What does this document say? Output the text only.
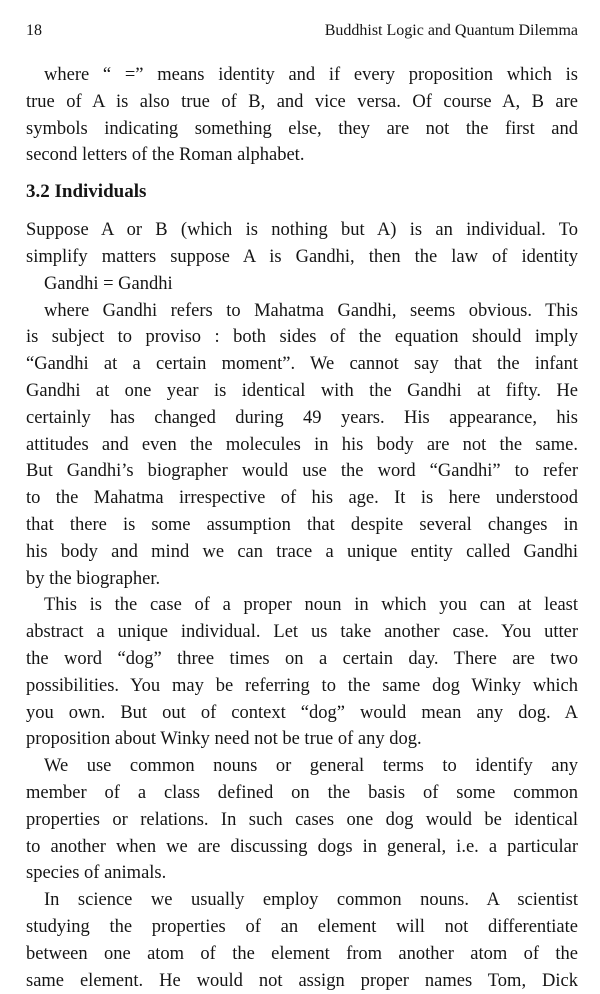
18	Buddhist Logic and Quantum Dilemma
where “ =” means identity and if every proposition which is
true of A is also true of B, and vice versa. Of course A, B are
symbols indicating something else, they are not the first and
second letters of the Roman alphabet.
3.2 Individuals
Suppose A or B (which is nothing but A) is an individual. To
simplify matters suppose A is Gandhi, then the law of identity
Gandhi = Gandhi
where Gandhi refers to Mahatma Gandhi, seems obvious. This
is subject to proviso : both sides of the equation should imply
“Gandhi at a certain moment”. We cannot say that the infant
Gandhi at one year is identical with the Gandhi at fifty. He
certainly has changed during 49 years. His appearance, his
attitudes and even the molecules in his body are not the same.
But Gandhi’s biographer would use the word “Gandhi” to refer
to the Mahatma irrespective of his age. It is here understood
that there is some assumption that despite several changes in
his body and mind we can trace a unique entity called Gandhi
by the biographer.
This is the case of a proper noun in which you can at least
abstract a unique individual. Let us take another case. You utter
the word “dog” three times on a certain day. There are two
possibilities. You may be referring to the same dog Winky which
you own. But out of context “dog” would mean any dog. A
proposition about Winky need not be true of any dog.
We use common nouns or general terms to identify any
member of a class defined on the basis of some common
properties or relations. In such cases one dog would be identical
to another when we are discussing dogs in general, i.e. a particular
species of animals.
In science we usually employ common nouns. A scientist
studying the properties of an element will not differentiate
between one atom of the element from another atom of the
same element. He would not assign proper names Tom, Dick
